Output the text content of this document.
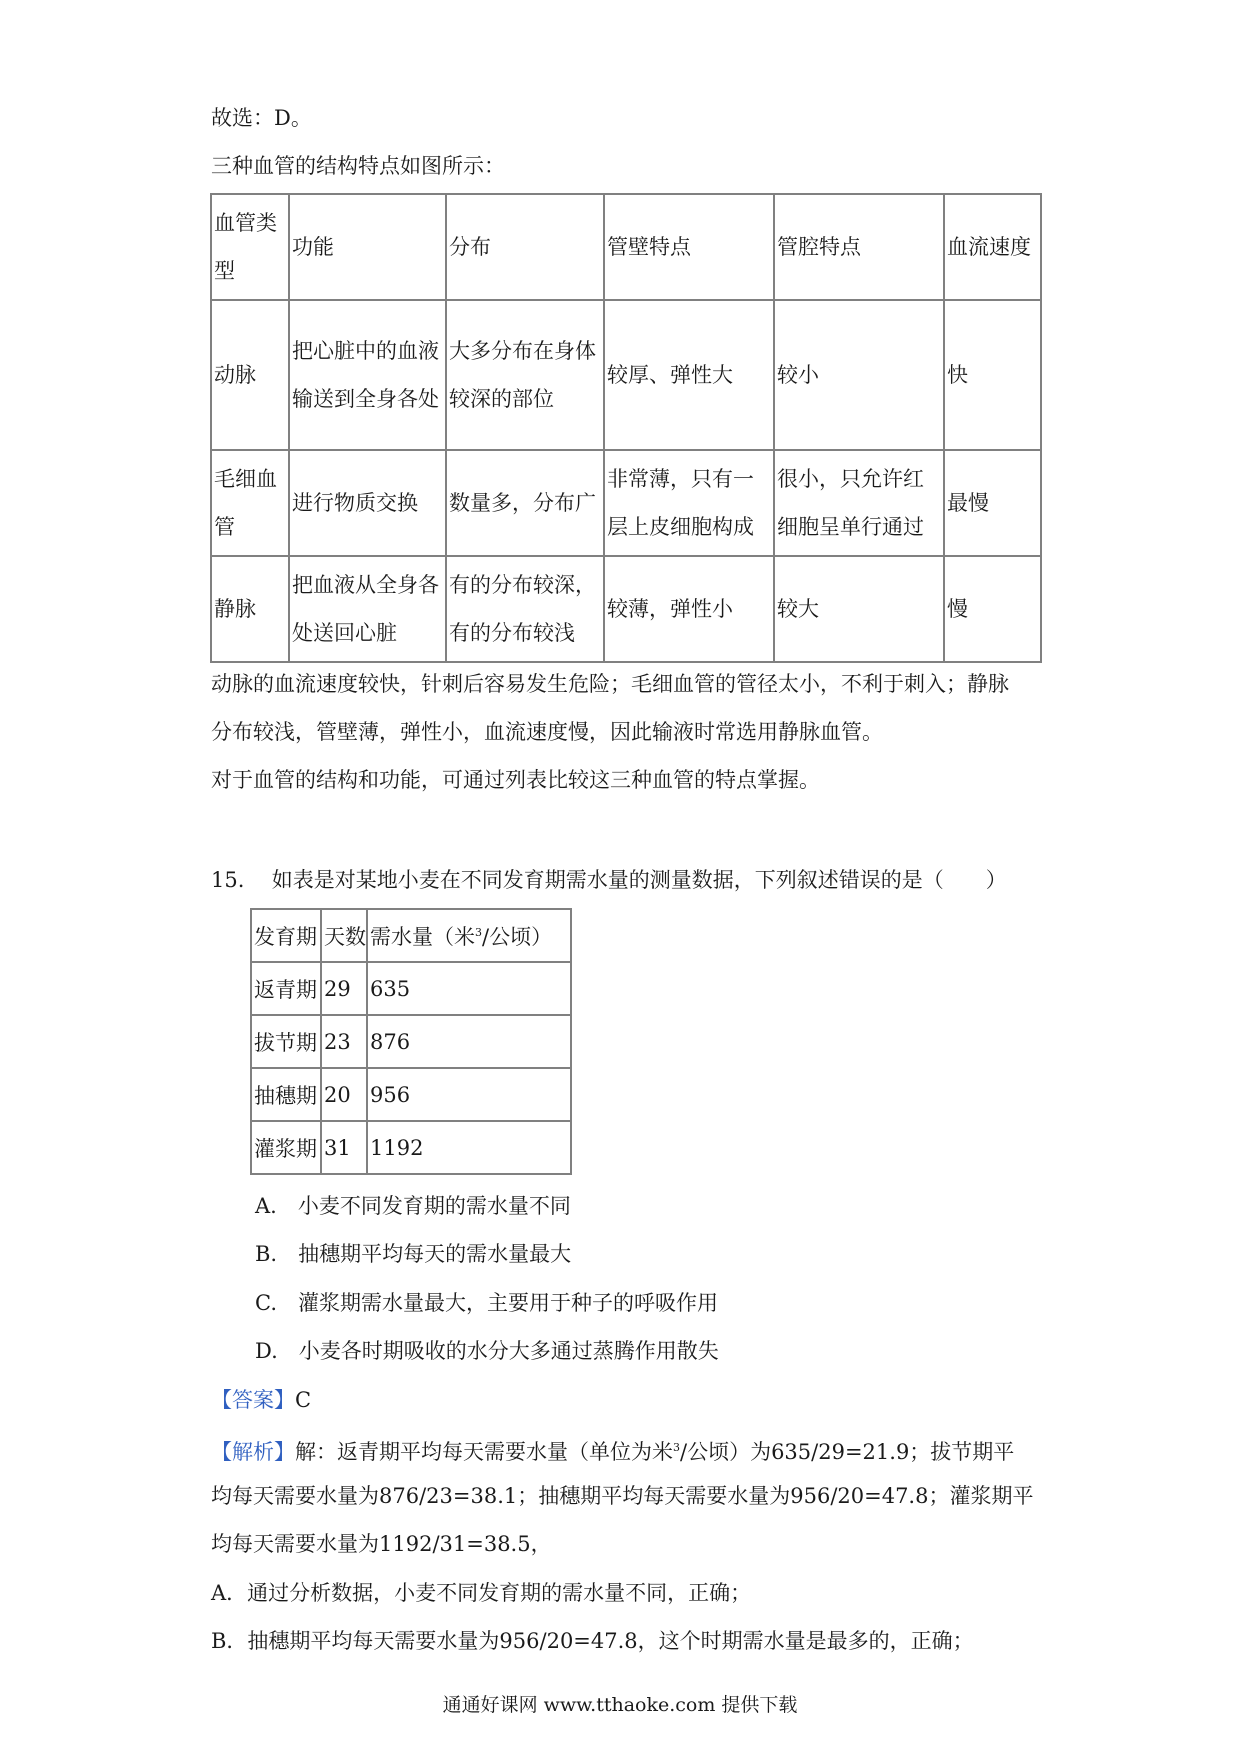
故选：D。
三种血管的结构特点如图所示：
血管类型	功能	分布	管壁特点	管腔特点	血流速度
动脉	把心脏中的血液输送到全身各处	大多分布在身体较深的部位	较厚、弹性大	较小	快
毛细血管	进行物质交换	数量多，分布广	非常薄，只有一层上皮细胞构成	很小，只允许红细胞呈单行通过	最慢
静脉	把血液从全身各处送回心脏	有的分布较深，有的分布较浅	较薄，弹性小	较大	慢
动脉的血流速度较快，针刺后容易发生危险；毛细血管的管径太小，不利于刺入；静脉
分布较浅，管壁薄，弹性小，血流速度慢，因此输液时常选用静脉血管。
对于血管的结构和功能，可通过列表比较这三种血管的特点掌握。
15. 如表是对某地小麦在不同发育期需水量的测量数据，下列叙述错误的是（　　）
发育期	天数	需水量（米$^3$/公顷）
返青期	29	635
拔节期	23	876
抽穗期	20	956
灌浆期	31	1192
A.　小麦不同发育期的需水量不同
B.　抽穗期平均每天的需水量最大
C.　灌浆期需水量最大，主要用于种子的呼吸作用
D.　小麦各时期吸收的水分大多通过蒸腾作用散失
【答案】C
【解析】解：返青期平均每天需要水量（单位为米$^3$/公顷）为635/29=21.9；拔节期平
均每天需要水量为876/23=38.1；抽穗期平均每天需要水量为956/20=47.8；灌浆期平
均每天需要水量为1192/31=38.5，
A．通过分析数据，小麦不同发育期的需水量不同，正确；
B．抽穗期平均每天需要水量为956/20=47.8，这个时期需水量是最多的，正确；
通通好课网 www.tthaoke.com 提供下载
